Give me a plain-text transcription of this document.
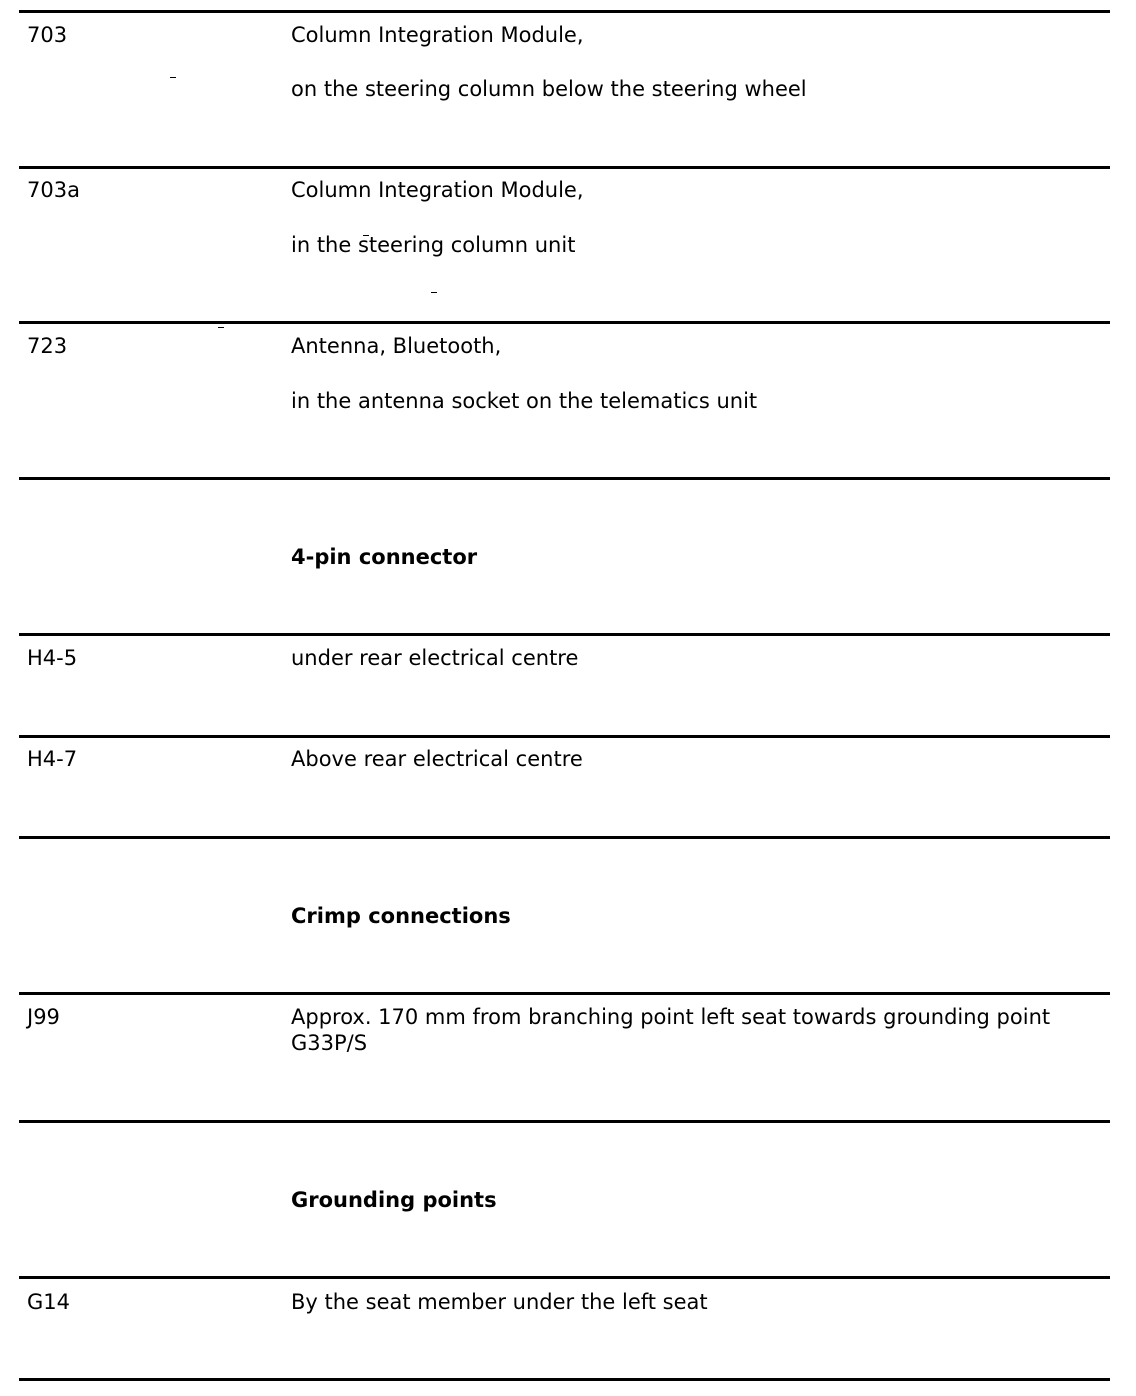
703	Column Integration Module,
on the steering column below the steering wheel
703a	Column Integration Module,
in the steering column unit
723	Antenna, Bluetooth,
in the antenna socket on the telematics unit
4-pin connector
H4-5	under rear electrical centre
H4-7	Above rear electrical centre
Crimp connections
J99	Approx. 170 mm from branching point left seat towards grounding point G33P/S
Grounding points
G14	By the seat member under the left seat
